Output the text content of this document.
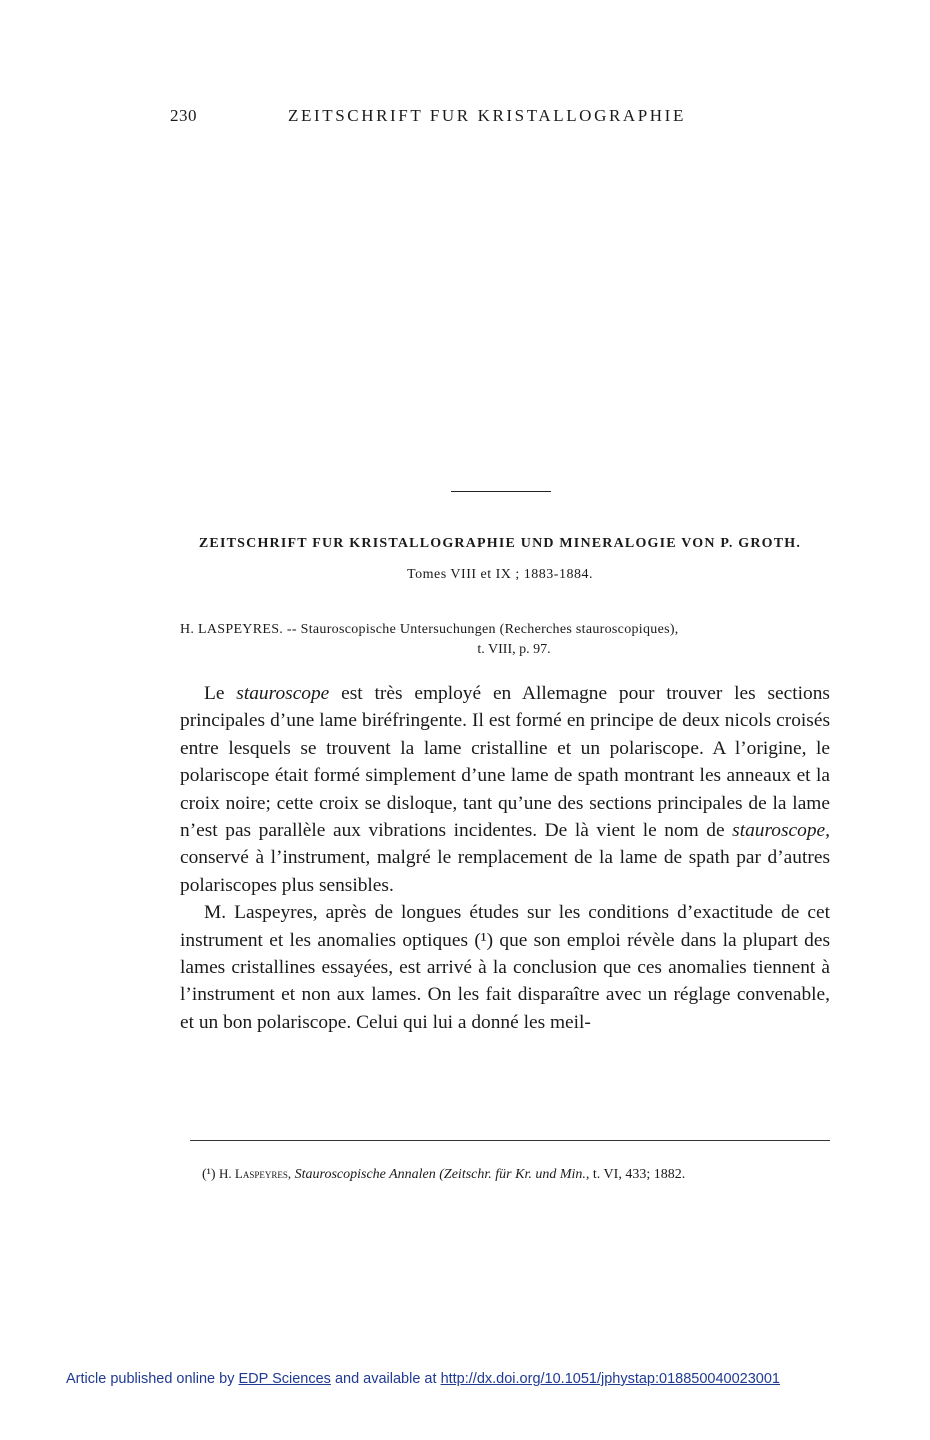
230	ZEITSCHRIFT FUR KRISTALLOGRAPHIE
ZEITSCHRIFT FUR KRISTALLOGRAPHIE UND MINERALOGIE VON P. GROTH.
Tomes VIII et IX ; 1883-1884.
H. LASPEYRES. -- Stauroscopische Untersuchungen (Recherches stauroscopiques),
t. VIII, p. 97.

Le stauroscope est très employé en Allemagne pour trouver les sections principales d’une lame biréfringente. Il est formé en principe de deux nicols croisés entre lesquels se trouvent la lame cristalline et un polariscope. A l’origine, le polariscope était formé simplement d’une lame de spath montrant les anneaux et la croix noire; cette croix se disloque, tant qu’une des sections principales de la lame n’est pas parallèle aux vibrations incidentes. De là vient le nom de stauroscope, conservé à l’instrument, malgré le remplacement de la lame de spath par d’autres polariscopes plus sensibles.

M. Laspeyres, après de longues études sur les conditions d’exactitude de cet instrument et les anomalies optiques (¹) que son emploi révèle dans la plupart des lames cristallines essayées, est arrivé à la conclusion que ces anomalies tiennent à l’instrument et non aux lames. On les fait disparaître avec un réglage convenable, et un bon polariscope. Celui qui lui a donné les meil-

(¹) H. Laspeyres, Stauroscopische Annalen (Zeitschr. für Kr. und Min., t. VI, 433; 1882.
Article published online by EDP Sciences and available at http://dx.doi.org/10.1051/jphystap:018850040023001
